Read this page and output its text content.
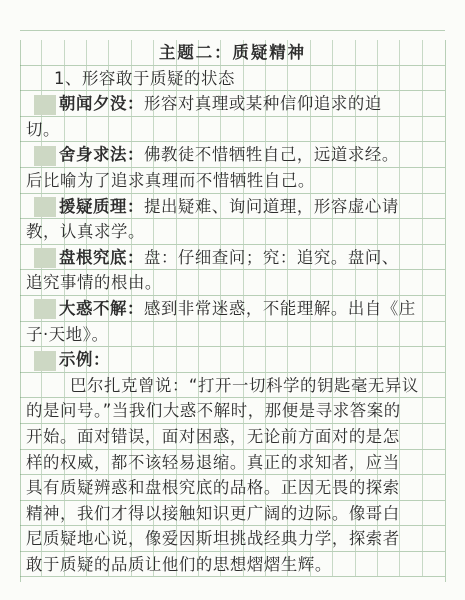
主题二：质疑精神
1、形容敢于质疑的状态
朝闻夕没：形容对真理或某种信仰追求的迫
切。
舍身求法：佛教徒不惜牺牲自己，远道求经。
后比喻为了追求真理而不惜牺牲自己。
援疑质理：提出疑难、询问道理，形容虚心请
教，认真求学。
盘根究底：盘：仔细查问；究：追究。盘问、
追究事情的根由。
大惑不解：感到非常迷惑，不能理解。出自《庄
子·天地》。
示例：
巴尔扎克曾说：“打开一切科学的钥匙毫无异议
的是问号。”当我们大惑不解时，那便是寻求答案的
开始。面对错误，面对困惑，无论前方面对的是怎
样的权威，都不该轻易退缩。真正的求知者，应当
具有质疑辨惑和盘根究底的品格。正因无畏的探索
精神，我们才得以接触知识更广阔的边际。像哥白
尼质疑地心说，像爱因斯坦挑战经典力学，探索者
敢于质疑的品质让他们的思想熠熠生辉。
